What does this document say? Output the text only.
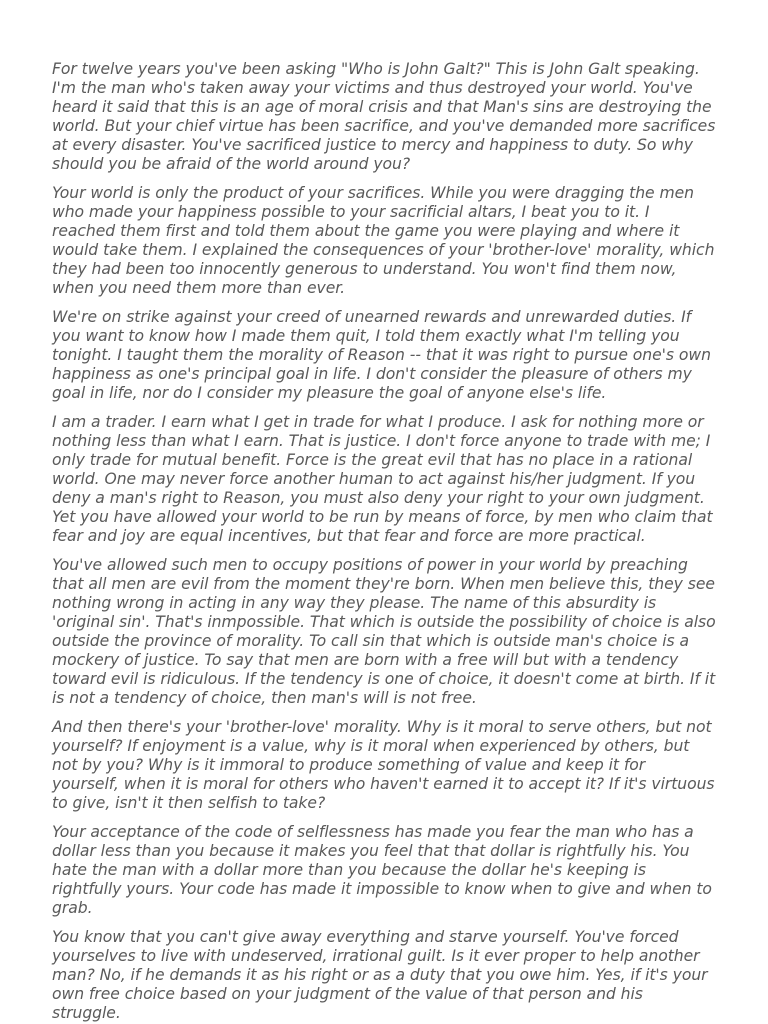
For twelve years you've been asking "Who is John Galt?" This is John Galt speaking. I'm the man who's taken away your victims and thus destroyed your world. You've heard it said that this is an age of moral crisis and that Man's sins are destroying the world. But your chief virtue has been sacrifice, and you've demanded more sacrifices at every disaster. You've sacrificed justice to mercy and happiness to duty. So why should you be afraid of the world around you?

Your world is only the product of your sacrifices. While you were dragging the men who made your happiness possible to your sacrificial altars, I beat you to it. I reached them first and told them about the game you were playing and where it would take them. I explained the consequences of your 'brother-love' morality, which they had been too innocently generous to understand. You won't find them now, when you need them more than ever.

We're on strike against your creed of unearned rewards and unrewarded duties. If you want to know how I made them quit, I told them exactly what I'm telling you tonight. I taught them the morality of Reason -- that it was right to pursue one's own happiness as one's principal goal in life. I don't consider the pleasure of others my goal in life, nor do I consider my pleasure the goal of anyone else's life.

I am a trader. I earn what I get in trade for what I produce. I ask for nothing more or nothing less than what I earn. That is justice. I don't force anyone to trade with me; I only trade for mutual benefit. Force is the great evil that has no place in a rational world. One may never force another human to act against his/her judgment. If you deny a man's right to Reason, you must also deny your right to your own judgment. Yet you have allowed your world to be run by means of force, by men who claim that fear and joy are equal incentives, but that fear and force are more practical.

You've allowed such men to occupy positions of power in your world by preaching that all men are evil from the moment they're born. When men believe this, they see nothing wrong in acting in any way they please. The name of this absurdity is 'original sin'. That's inmpossible. That which is outside the possibility of choice is also outside the province of morality. To call sin that which is outside man's choice is a mockery of justice. To say that men are born with a free will but with a tendency toward evil is ridiculous. If the tendency is one of choice, it doesn't come at birth. If it is not a tendency of choice, then man's will is not free.

And then there's your 'brother-love' morality. Why is it moral to serve others, but not yourself? If enjoyment is a value, why is it moral when experienced by others, but not by you? Why is it immoral to produce something of value and keep it for yourself, when it is moral for others who haven't earned it to accept it? If it's virtuous to give, isn't it then selfish to take?

Your acceptance of the code of selflessness has made you fear the man who has a dollar less than you because it makes you feel that that dollar is rightfully his. You hate the man with a dollar more than you because the dollar he's keeping is rightfully yours. Your code has made it impossible to know when to give and when to grab.

You know that you can't give away everything and starve yourself. You've forced yourselves to live with undeserved, irrational guilt. Is it ever proper to help another man? No, if he demands it as his right or as a duty that you owe him. Yes, if it's your own free choice based on your judgment of the value of that person and his struggle.
